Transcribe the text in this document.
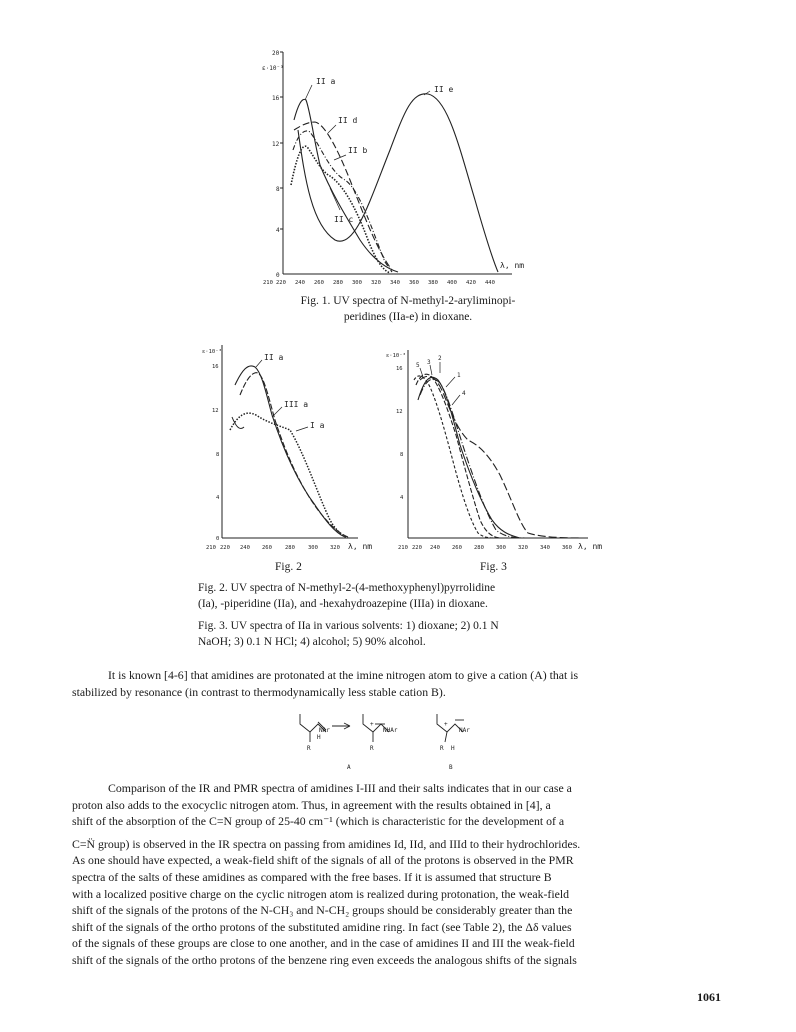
ε·10⁻³
20
16
12
8
4
0
210 220 240 260 280 300 320 340 360 380 400 420 440
λ, nm
II a
II d
II b
II c
II e
Fig. 1. UV spectra of N-methyl-2-aryliminopi-
peridines (IIa-e) in dioxane.
ε·10⁻³
16
12
8
4
0
210 220 240 260 280 300 320 λ, nm
II a
III a
I a
ε·10⁻³
16
12
8
4
210 220 240 260 280 300 320 340 360 λ, nm
5 3
2
1
4
Fig. 2	Fig. 3
Fig. 2. UV spectra of N-methyl-2-(4-methoxyphenyl)pyrrolidine
(Ia), -piperidine (IIa), and -hexahydroazepine (IIIa) in dioxane.
Fig. 3. UV spectra of IIa in various solvents: 1) dioxane; 2) 0.1 N
NaOH; 3) 0.1 N HCl; 4) alcohol; 5) 90% alcohol.

It is known [4-6] that amidines are protonated at the imine nitrogen atom to give a cation (A) that is

stabilized by resonance (in contrast to thermodynamically less stable cation B).

NAr
H
R
NHAr
+
R
NAr
+
R H
A	B

Comparison of the IR and PMR spectra of amidines I-III and their salts indicates that in our case a

proton also adds to the exocyclic nitrogen atom. Thus, in agreement with the results obtained in [4], a

shift of the absorption of the C=N group of 25-40 cm⁻¹ (which is characteristic for the development of a

C=N̈ group) is observed in the IR spectra on passing from amidines Id, IId, and IIId to their hydrochlorides.

As one should have expected, a weak-field shift of the signals of all of the protons is observed in the PMR

spectra of the salts of these amidines as compared with the free bases. If it is assumed that structure B

with a localized positive charge on the cyclic nitrogen atom is realized during protonation, the weak-field

shift of the signals of the protons of the N-CH₃ and N-CH₂ groups should be considerably greater than the

shift of the signals of the ortho protons of the substituted amidine ring. In fact (see Table 2), the Δδ values

of the signals of these groups are close to one another, and in the case of amidines II and III the weak-field

shift of the signals of the ortho protons of the benzene ring even exceeds the analogous shifts of the signals

1061
